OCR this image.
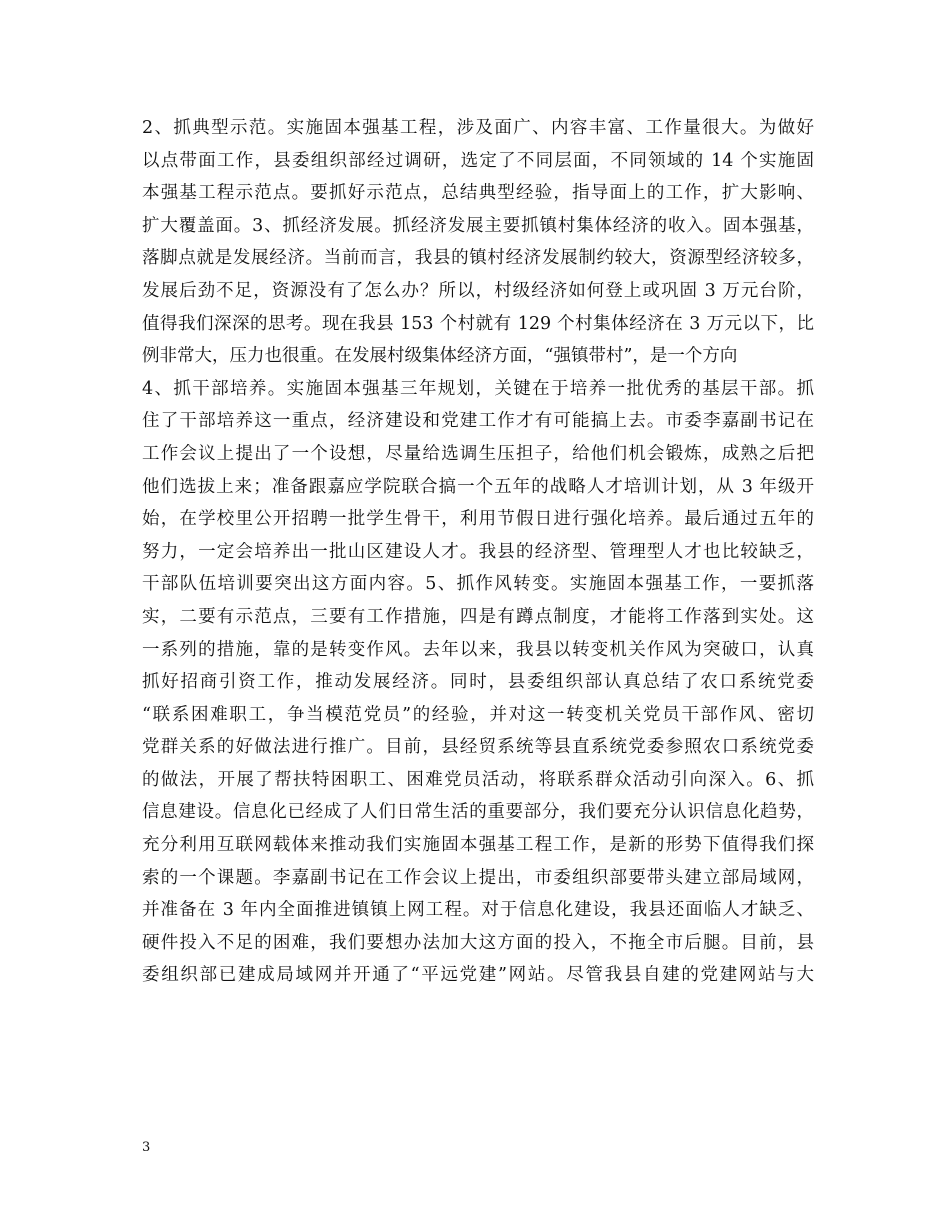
2、抓典型示范。实施固本强基工程，涉及面广、内容丰富、工作量很大。为做好
以点带面工作，县委组织部经过调研，选定了不同层面，不同领域的 14 个实施固
本强基工程示范点。要抓好示范点，总结典型经验，指导面上的工作，扩大影响、
扩大覆盖面。3、抓经济发展。抓经济发展主要抓镇村集体经济的收入。固本强基，
落脚点就是发展经济。当前而言，我县的镇村经济发展制约较大，资源型经济较多，
发展后劲不足，资源没有了怎么办？所以，村级经济如何登上或巩固 3 万元台阶，
值得我们深深的思考。现在我县 153 个村就有 129 个村集体经济在 3 万元以下，比
例非常大，压力也很重。在发展村级集体经济方面，“强镇带村”，是一个方向
4、抓干部培养。实施固本强基三年规划，关键在于培养一批优秀的基层干部。抓
住了干部培养这一重点，经济建设和党建工作才有可能搞上去。市委李嘉副书记在
工作会议上提出了一个设想，尽量给选调生压担子，给他们机会锻炼，成熟之后把
他们选拔上来；准备跟嘉应学院联合搞一个五年的战略人才培训计划，从 3 年级开
始，在学校里公开招聘一批学生骨干，利用节假日进行强化培养。最后通过五年的
努力，一定会培养出一批山区建设人才。我县的经济型、管理型人才也比较缺乏，
干部队伍培训要突出这方面内容。5、抓作风转变。实施固本强基工作，一要抓落
实，二要有示范点，三要有工作措施，四是有蹲点制度，才能将工作落到实处。这
一系列的措施，靠的是转变作风。去年以来，我县以转变机关作风为突破口，认真
抓好招商引资工作，推动发展经济。同时，县委组织部认真总结了农口系统党委
“联系困难职工，争当模范党员”的经验，并对这一转变机关党员干部作风、密切
党群关系的好做法进行推广。目前，县经贸系统等县直系统党委参照农口系统党委
的做法，开展了帮扶特困职工、困难党员活动，将联系群众活动引向深入。6、抓
信息建设。信息化已经成了人们日常生活的重要部分，我们要充分认识信息化趋势，
充分利用互联网载体来推动我们实施固本强基工程工作，是新的形势下值得我们探
索的一个课题。李嘉副书记在工作会议上提出，市委组织部要带头建立部局域网，
并准备在 3 年内全面推进镇镇上网工程。对于信息化建设，我县还面临人才缺乏、
硬件投入不足的困难，我们要想办法加大这方面的投入，不拖全市后腿。目前，县
委组织部已建成局域网并开通了“平远党建”网站。尽管我县自建的党建网站与大
3
